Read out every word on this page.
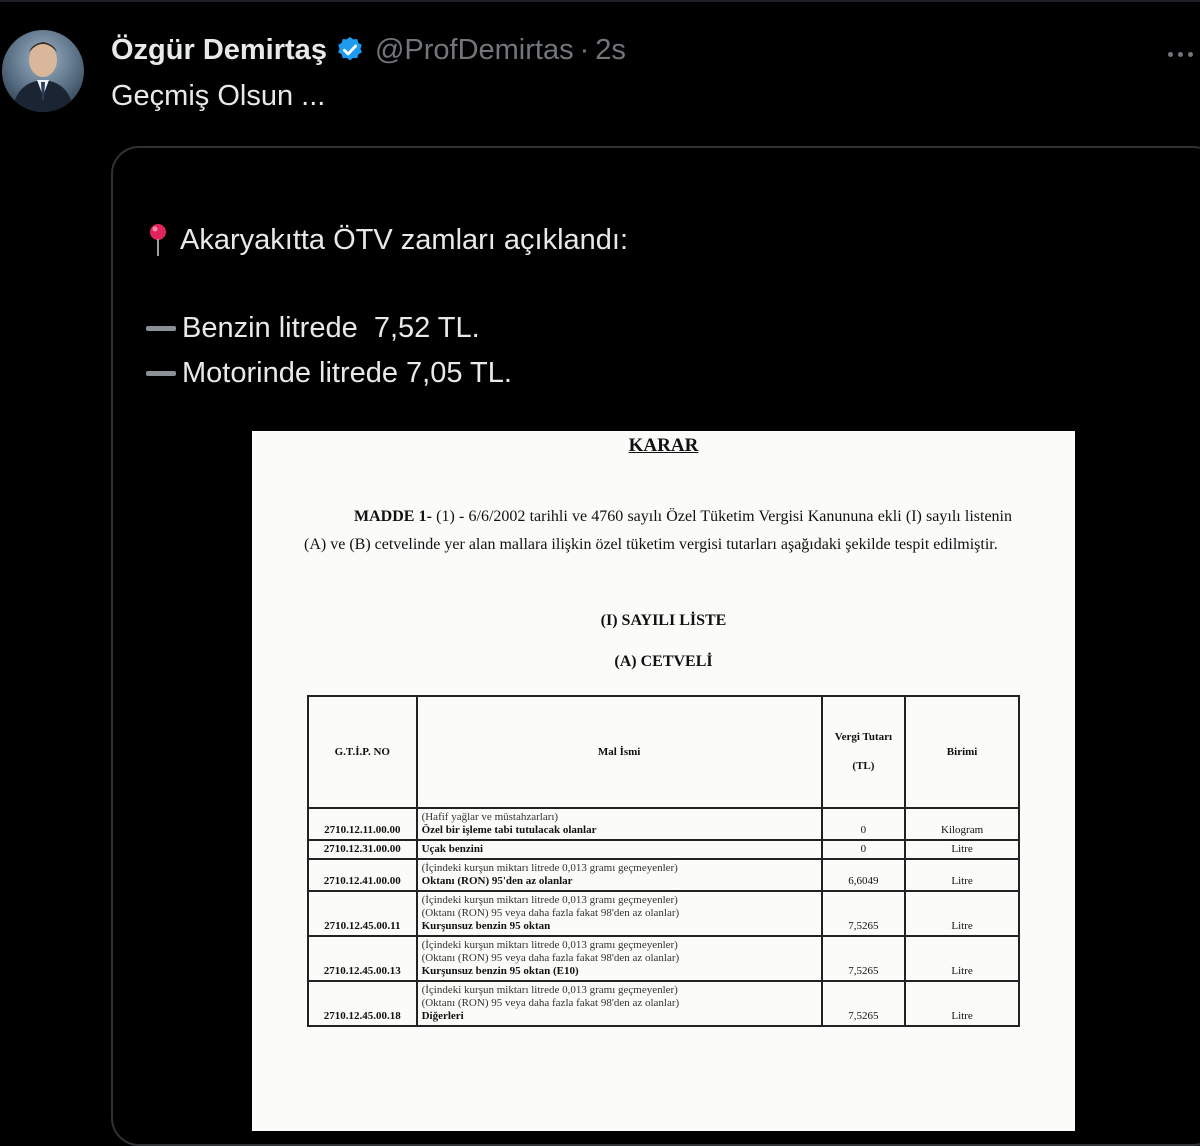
Özgür Demirtaş @ProfDemirtas · 2s
Geçmiş Olsun ...
Akaryakıtta ÖTV zamları açıklandı:
Benzin litrede  7,52 TL.
Motorinde litrede 7,05 TL.
KARAR
MADDE 1- (1) - 6/6/2002 tarihli ve 4760 sayılı Özel Tüketim Vergisi Kanununa ekli (I) sayılı listenin (A) ve (B) cetvelinde yer alan mallara ilişkin özel tüketim vergisi tutarları aşağıdaki şekilde tespit edilmiştir.
(I) SAYILI LİSTE
(A) CETVELİ
G.T.İ.P. NO	Mal İsmi	Vergi Tutarı
(TL)	Birimi
2710.12.11.00.00	(Hafif yağlar ve müstahzarları)
Özel bir işleme tabi tutulacak olanlar	0	Kilogram
2710.12.31.00.00	Uçak benzini	0	Litre
2710.12.41.00.00	(İçindeki kurşun miktarı litrede 0,013 gramı geçmeyenler)
Oktanı (RON) 95'den az olanlar	6,6049	Litre
2710.12.45.00.11	(İçindeki kurşun miktarı litrede 0,013 gramı geçmeyenler)
(Oktanı (RON) 95 veya daha fazla fakat 98'den az olanlar)
Kurşunsuz benzin 95 oktan	7,5265	Litre
2710.12.45.00.13	(İçindeki kurşun miktarı litrede 0,013 gramı geçmeyenler)
(Oktanı (RON) 95 veya daha fazla fakat 98'den az olanlar)
Kurşunsuz benzin 95 oktan (E10)	7,5265	Litre
2710.12.45.00.18	(İçindeki kurşun miktarı litrede 0,013 gramı geçmeyenler)
(Oktanı (RON) 95 veya daha fazla fakat 98'den az olanlar)
Diğerleri	7,5265	Litre
